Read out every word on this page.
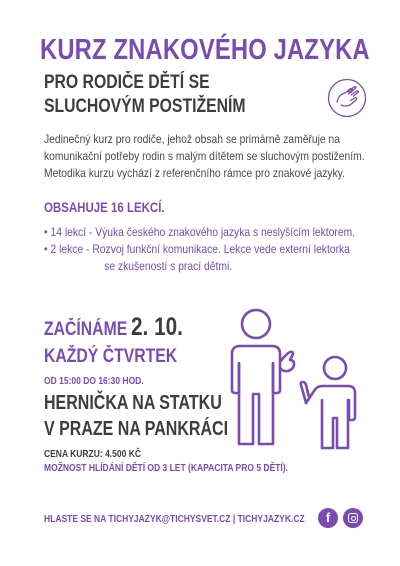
KURZ ZNAKOVÉHO JAZYKA
PRO RODIČE DĚTÍ SE
SLUCHOVÝM POSTIŽENÍM
Jedinečný kurz pro rodiče, jehož obsah se primárně zaměřuje na
komunikační potřeby rodin s malým dítětem se sluchovým postižením.
Metodika kurzu vychází z referenčního rámce pro znakové jazyky.
OBSAHUJE 16 LEKCÍ.
• 14 lekcí - Výuka českého znakového jazyka s neslyšícím lektorem.
• 2 lekce - Rozvoj funkční komunikace. Lekce vede externí lektorka
se zkušeností s prací dětmi.
ZAČÍNÁME 2. 10.
KAŽDÝ ČTVRTEK
OD 15:00 DO 16:30 HOD.
HERNIČKA NA STATKU
V PRAZE NA PANKRÁCI
CENA KURZU: 4.500 KČ
MOŽNOST HLÍDÁNÍ DĚTÍ OD 3 LET (KAPACITA PRO 5 DĚTÍ).
HLASTE SE NA TICHYJAZYK@TICHYSVET.CZ | TICHYJAZYK.CZ	f
